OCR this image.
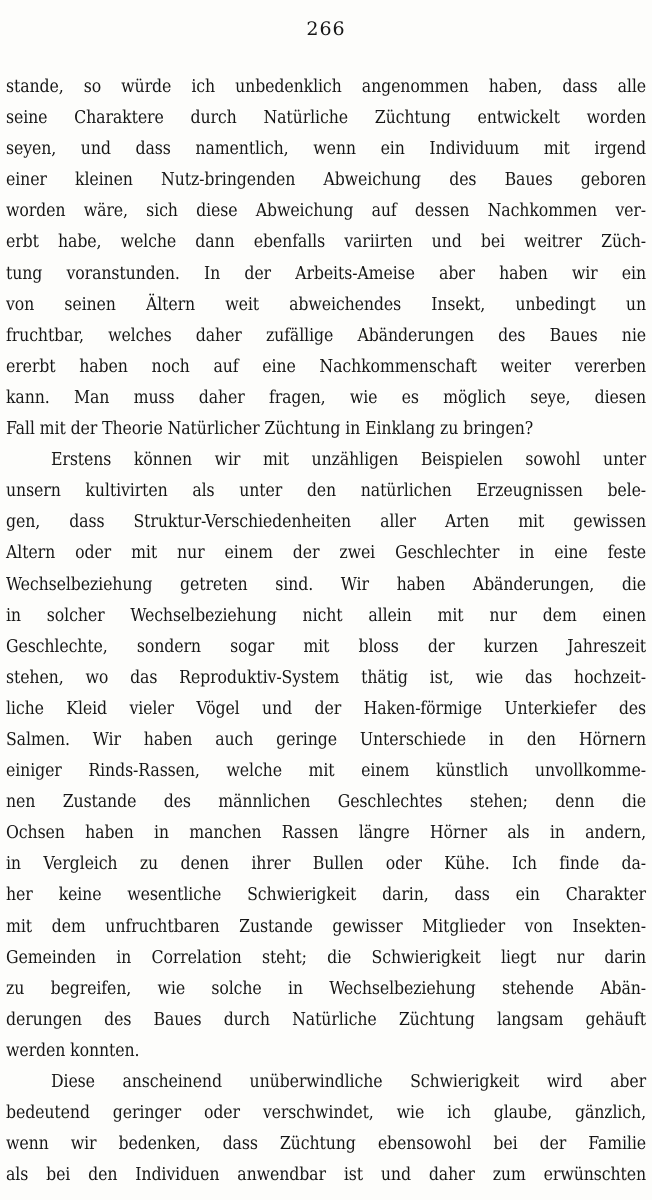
266
stande, so würde ich unbedenklich angenommen haben, dass alle
seine Charaktere durch Natürliche Züchtung entwickelt worden
seyen, und dass namentlich, wenn ein Individuum mit irgend
einer kleinen Nutz-bringenden Abweichung des Baues geboren
worden wäre, sich diese Abweichung auf dessen Nachkommen ver-
erbt habe, welche dann ebenfalls variirten und bei weitrer Züch-
tung voranstunden. In der Arbeits-Ameise aber haben wir ein
von seinen Ältern weit abweichendes Insekt, unbedingt un
fruchtbar, welches daher zufällige Abänderungen des Baues nie
ererbt haben noch auf eine Nachkommenschaft weiter vererben
kann. Man muss daher fragen, wie es möglich seye, diesen
Fall mit der Theorie Natürlicher Züchtung in Einklang zu bringen?
Erstens können wir mit unzähligen Beispielen sowohl unter
unsern kultivirten als unter den natürlichen Erzeugnissen bele-
gen, dass Struktur-Verschiedenheiten aller Arten mit gewissen
Altern oder mit nur einem der zwei Geschlechter in eine feste
Wechselbeziehung getreten sind. Wir haben Abänderungen, die
in solcher Wechselbeziehung nicht allein mit nur dem einen
Geschlechte, sondern sogar mit bloss der kurzen Jahreszeit
stehen, wo das Reproduktiv-System thätig ist, wie das hochzeit-
liche Kleid vieler Vögel und der Haken-förmige Unterkiefer des
Salmen. Wir haben auch geringe Unterschiede in den Hörnern
einiger Rinds-Rassen, welche mit einem künstlich unvollkomme-
nen Zustande des männlichen Geschlechtes stehen; denn die
Ochsen haben in manchen Rassen längre Hörner als in andern,
in Vergleich zu denen ihrer Bullen oder Kühe. Ich finde da-
her keine wesentliche Schwierigkeit darin, dass ein Charakter
mit dem unfruchtbaren Zustande gewisser Mitglieder von Insekten-
Gemeinden in Correlation steht; die Schwierigkeit liegt nur darin
zu begreifen, wie solche in Wechselbeziehung stehende Abän-
derungen des Baues durch Natürliche Züchtung langsam gehäuft
werden konnten.
Diese anscheinend unüberwindliche Schwierigkeit wird aber
bedeutend geringer oder verschwindet, wie ich glaube, gänzlich,
wenn wir bedenken, dass Züchtung ebensowohl bei der Familie
als bei den Individuen anwendbar ist und daher zum erwünschten
